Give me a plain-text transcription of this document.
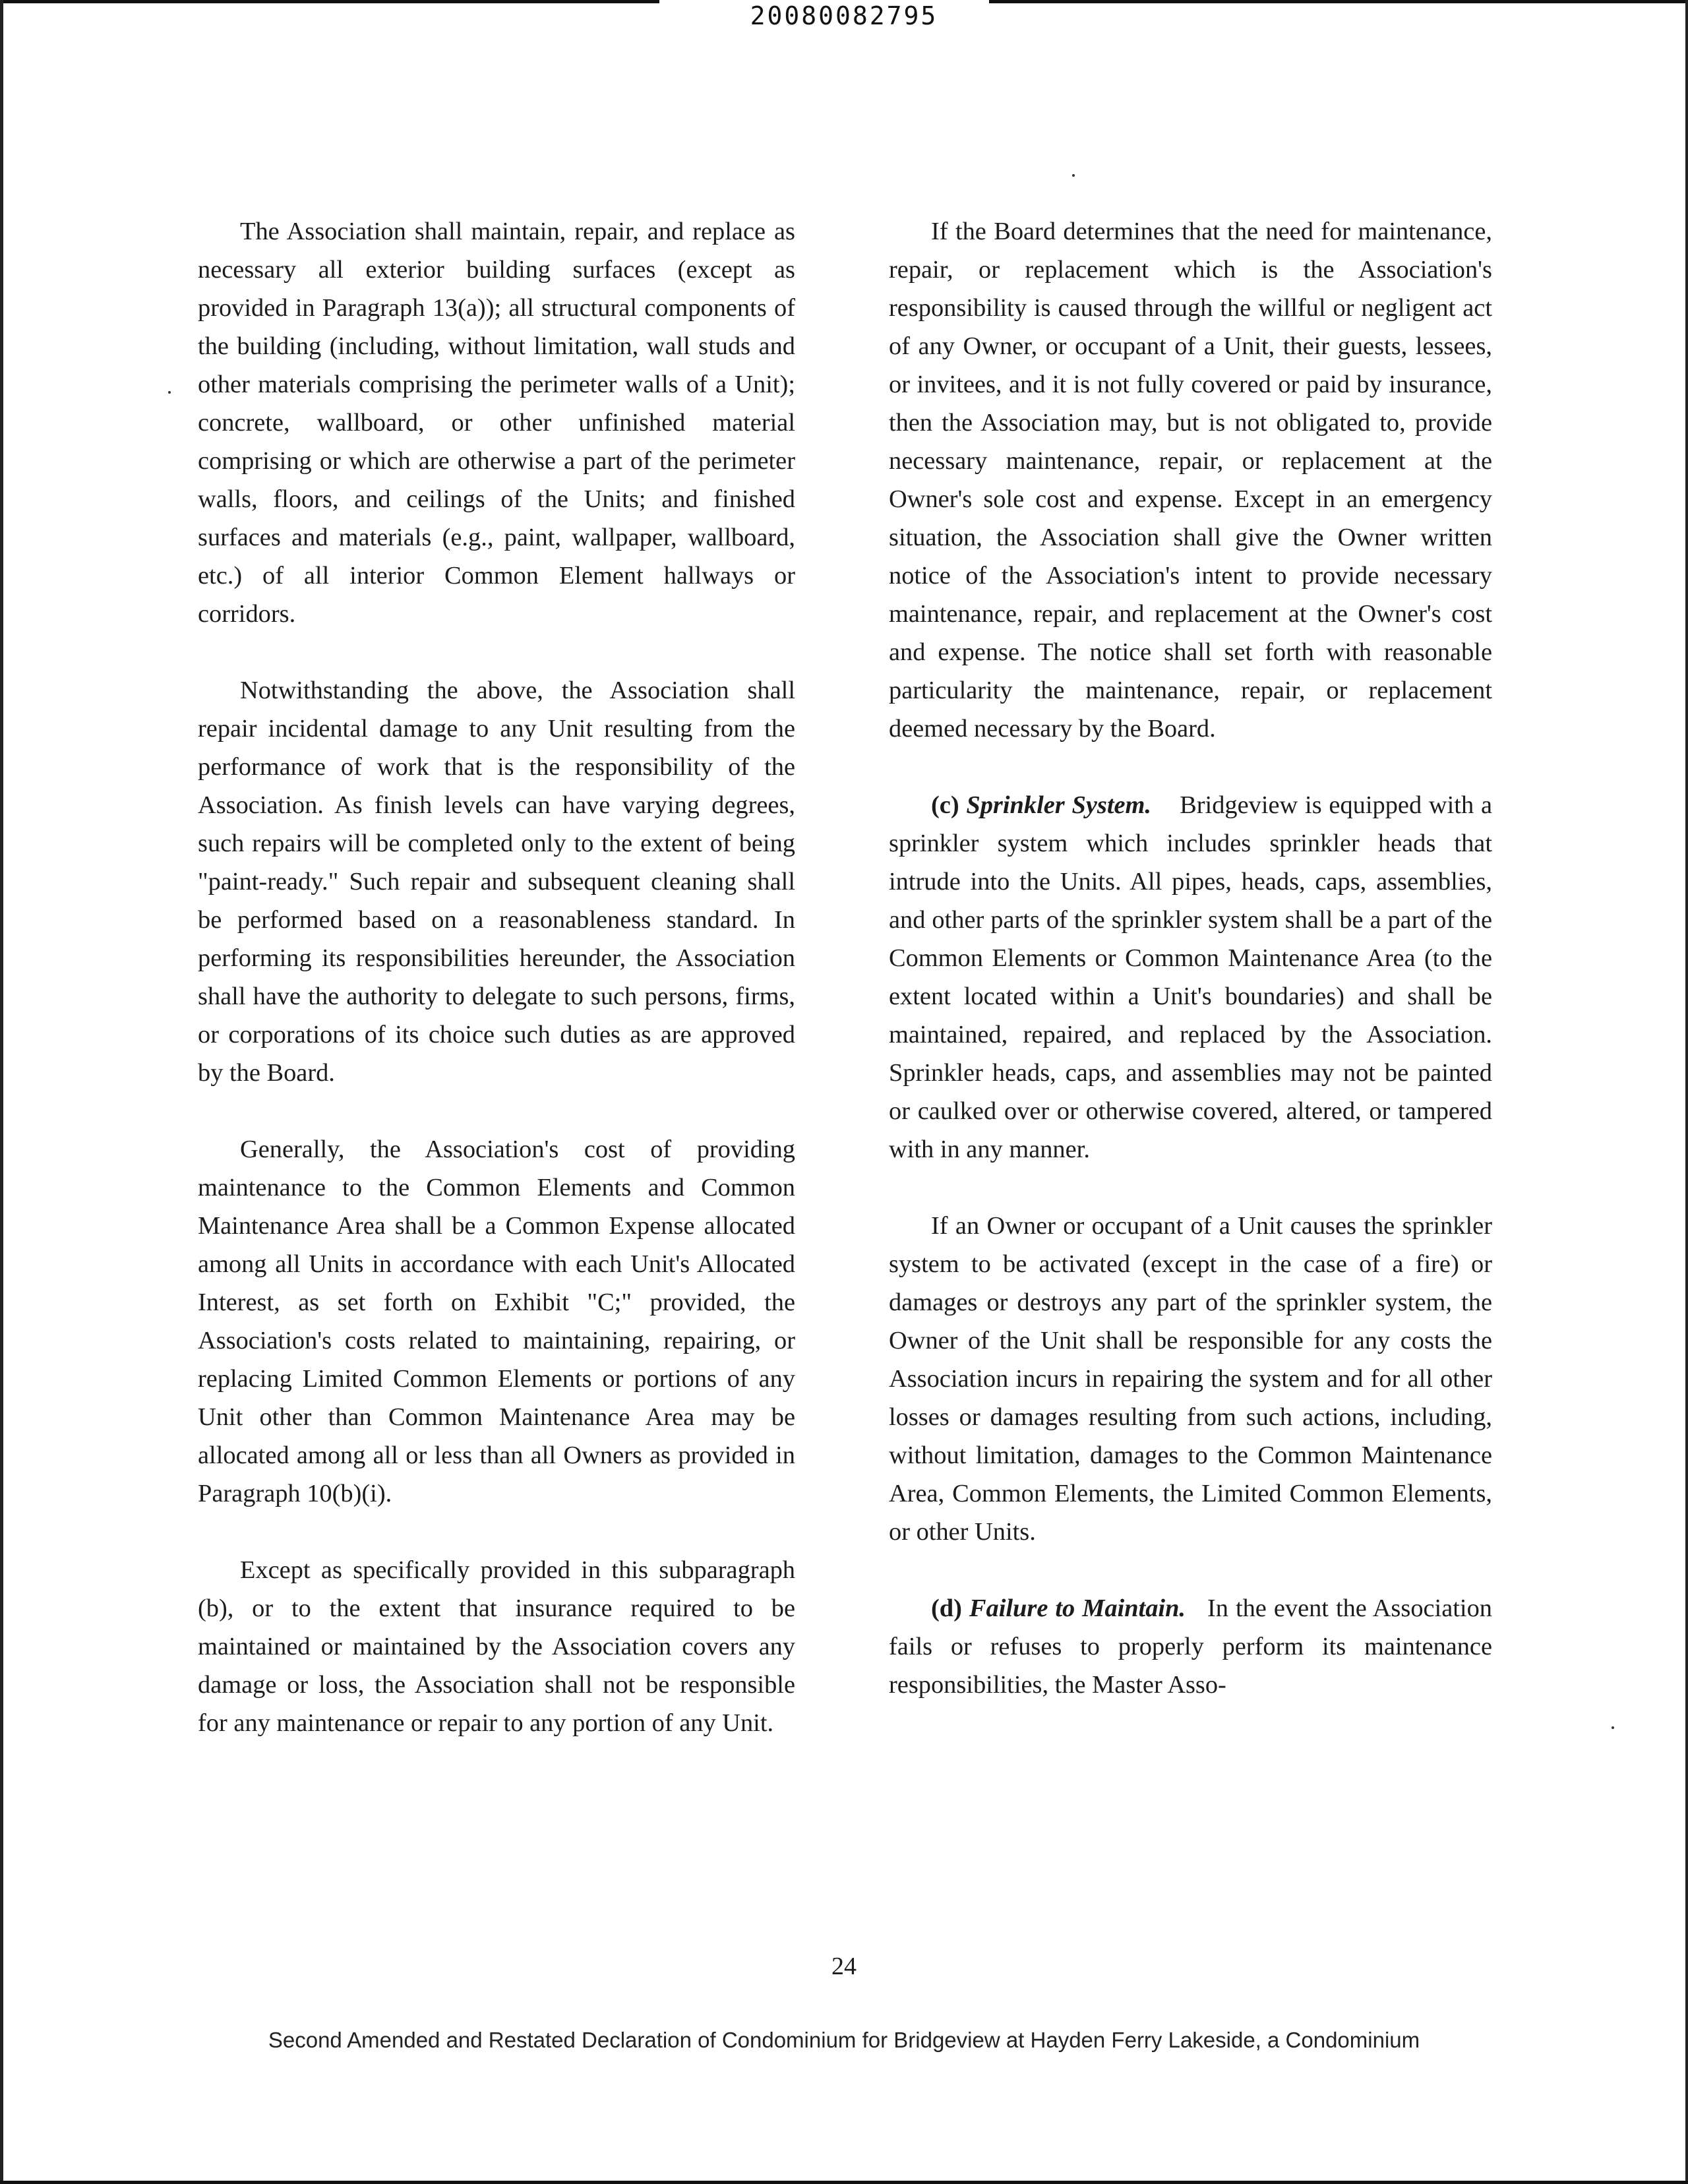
20080082795

The Association shall maintain, repair, and replace as necessary all exterior building surfaces (except as provided in Paragraph 13(a)); all structural components of the building (including, without limitation, wall studs and other materials comprising the perimeter walls of a Unit); concrete, wallboard, or other unfinished material comprising or which are otherwise a part of the perimeter walls, floors, and ceilings of the Units; and finished surfaces and materials (e.g., paint, wallpaper, wallboard, etc.) of all interior Common Element hallways or corridors.

Notwithstanding the above, the Association shall repair incidental damage to any Unit resulting from the performance of work that is the responsibility of the Association. As finish levels can have varying degrees, such repairs will be completed only to the extent of being "paint-ready." Such repair and subsequent cleaning shall be performed based on a reasonableness standard. In performing its responsibilities hereunder, the Association shall have the authority to delegate to such persons, firms, or corporations of its choice such duties as are approved by the Board.

Generally, the Association's cost of providing maintenance to the Common Elements and Common Maintenance Area shall be a Common Expense allocated among all Units in accordance with each Unit's Allocated Interest, as set forth on Exhibit "C;" provided, the Association's costs related to maintaining, repairing, or replacing Limited Common Elements or portions of any Unit other than Common Maintenance Area may be allocated among all or less than all Owners as provided in Paragraph 10(b)(i).

Except as specifically provided in this subparagraph (b), or to the extent that insurance required to be maintained or maintained by the Association covers any damage or loss, the Association shall not be responsible for any maintenance or repair to any portion of any Unit.

If the Board determines that the need for maintenance, repair, or replacement which is the Association's responsibility is caused through the willful or negligent act of any Owner, or occupant of a Unit, their guests, lessees, or invitees, and it is not fully covered or paid by insurance, then the Association may, but is not obligated to, provide necessary maintenance, repair, or replacement at the Owner's sole cost and expense. Except in an emergency situation, the Association shall give the Owner written notice of the Association's intent to provide necessary maintenance, repair, and replacement at the Owner's cost and expense. The notice shall set forth with reasonable particularity the maintenance, repair, or replacement deemed necessary by the Board.

(c) Sprinkler System. Bridgeview is equipped with a sprinkler system which includes sprinkler heads that intrude into the Units. All pipes, heads, caps, assemblies, and other parts of the sprinkler system shall be a part of the Common Elements or Common Maintenance Area (to the extent located within a Unit's boundaries) and shall be maintained, repaired, and replaced by the Association. Sprinkler heads, caps, and assemblies may not be painted or caulked over or otherwise covered, altered, or tampered with in any manner.

If an Owner or occupant of a Unit causes the sprinkler system to be activated (except in the case of a fire) or damages or destroys any part of the sprinkler system, the Owner of the Unit shall be responsible for any costs the Association incurs in repairing the system and for all other losses or damages resulting from such actions, including, without limitation, damages to the Common Maintenance Area, Common Elements, the Limited Common Elements, or other Units.

(d) Failure to Maintain. In the event the Association fails or refuses to properly perform its maintenance responsibilities, the Master Asso-

24
Second Amended and Restated Declaration of Condominium for Bridgeview at Hayden Ferry Lakeside, a Condominium
